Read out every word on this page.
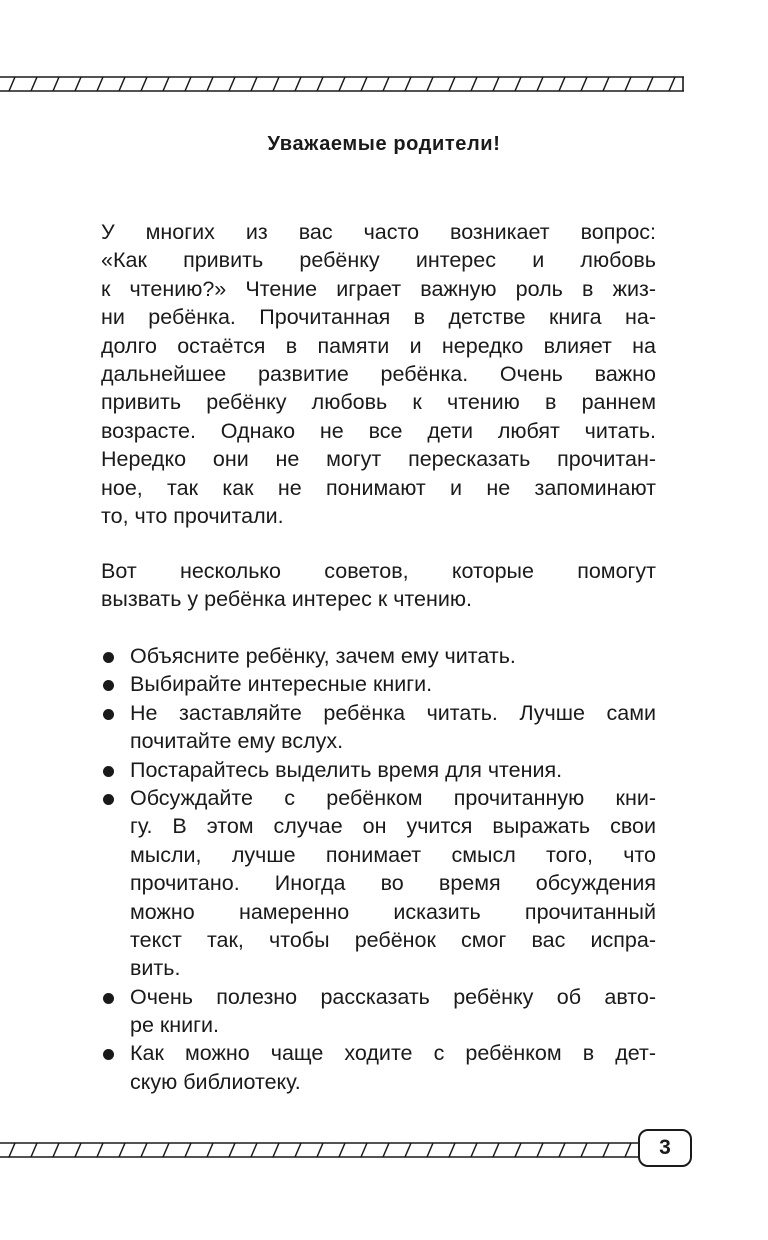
Уважаемые родители!
У многих из вас часто возникает вопрос:
«Как привить ребёнку интерес и любовь
к чтению?» Чтение играет важную роль в жиз-
ни ребёнка. Прочитанная в детстве книга на-
долго остаётся в памяти и нередко влияет на
дальнейшее развитие ребёнка. Очень важно
привить ребёнку любовь к чтению в раннем
возрасте. Однако не все дети любят читать.
Нередко они не могут пересказать прочитан-
ное, так как не понимают и не запоминают
то, что прочитали.
Вот несколько советов, которые помогут
вызвать у ребёнка интерес к чтению.
Объясните ребёнку, зачем ему читать.
Выбирайте интересные книги.
Не заставляйте ребёнка читать. Лучше сами
почитайте ему вслух.
Постарайтесь выделить время для чтения.
Обсуждайте с ребёнком прочитанную кни-
гу. В этом случае он учится выражать свои
мысли, лучше понимает смысл того, что
прочитано. Иногда во время обсуждения
можно намеренно исказить прочитанный
текст так, чтобы ребёнок смог вас испра-
вить.
Очень полезно рассказать ребёнку об авто-
ре книги.
Как можно чаще ходите с ребёнком в дет-
скую библиотеку.
3
